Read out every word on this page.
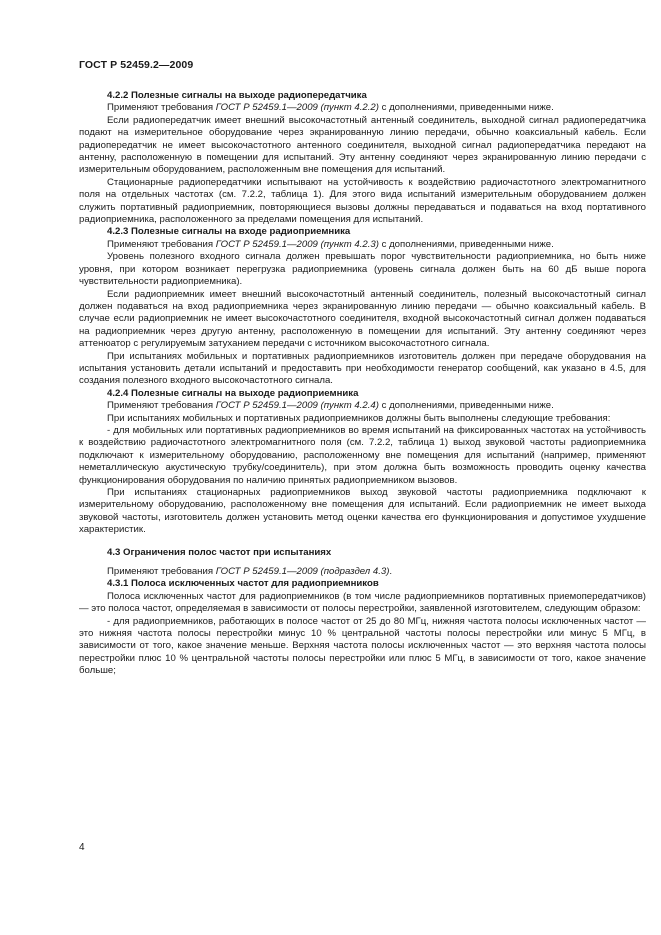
ГОСТ Р 52459.2—2009
4.2.2 Полезные сигналы на выходе радиопередатчика

Применяют требования ГОСТ Р 52459.1—2009 (пункт 4.2.2) с дополнениями, приведенными ниже.

Если радиопередатчик имеет внешний высокочастотный антенный соединитель, выходной сигнал радиопередатчика подают на измерительное оборудование через экранированную линию передачи, обычно коаксиальный кабель. Если радиопередатчик не имеет высокочастотного антенного соединителя, выходной сигнал радиопередатчика передают на антенну, расположенную в помещении для испытаний. Эту антенну соединяют через экранированную линию передачи с измерительным оборудованием, расположенным вне помещения для испытаний.

Стационарные радиопередатчики испытывают на устойчивость к воздействию радиочастотного электромагнитного поля на отдельных частотах (см. 7.2.2, таблица 1). Для этого вида испытаний измерительным оборудованием должен служить портативный радиоприемник, повторяющиеся вызовы должны передаваться и подаваться на вход портативного радиоприемника, расположенного за пределами помещения для испытаний.

4.2.3 Полезные сигналы на входе радиоприемника

Применяют требования ГОСТ Р 52459.1—2009 (пункт 4.2.3) с дополнениями, приведенными ниже.

Уровень полезного входного сигнала должен превышать порог чувствительности радиоприемника, но быть ниже уровня, при котором возникает перегрузка радиоприемника (уровень сигнала должен быть на 60 дБ выше порога чувствительности радиоприемника).

Если радиоприемник имеет внешний высокочастотный антенный соединитель, полезный высокочастотный сигнал должен подаваться на вход радиоприемника через экранированную линию передачи — обычно коаксиальный кабель. В случае если радиоприемник не имеет высокочастотного соединителя, входной высокочастотный сигнал должен подаваться на радиоприемник через другую антенну, расположенную в помещении для испытаний. Эту антенну соединяют через аттенюатор с регулируемым затуханием передачи с источником высокочастотного сигнала.

При испытаниях мобильных и портативных радиоприемников изготовитель должен при передаче оборудования на испытания установить детали испытаний и предоставить при необходимости генератор сообщений, как указано в 4.5, для создания полезного входного высокочастотного сигнала.

4.2.4 Полезные сигналы на выходе радиоприемника

Применяют требования ГОСТ Р 52459.1—2009 (пункт 4.2.4) с дополнениями, приведенными ниже.

При испытаниях мобильных и портативных радиоприемников должны быть выполнены следующие требования:

- для мобильных или портативных радиоприемников во время испытаний на фиксированных частотах на устойчивость к воздействию радиочастотного электромагнитного поля (см. 7.2.2, таблица 1) выход звуковой частоты радиоприемника подключают к измерительному оборудованию, расположенному вне помещения для испытаний (например, применяют неметаллическую акустическую трубку/соединитель), при этом должна быть возможность проводить оценку качества функционирования оборудования по наличию принятых радиоприемником вызовов.

При испытаниях стационарных радиоприемников выход звуковой частоты радиоприемника подключают к измерительному оборудованию, расположенному вне помещения для испытаний. Если радиоприемник не имеет выхода звуковой частоты, изготовитель должен установить метод оценки качества его функционирования и допустимое ухудшение характеристик.

4.3 Ограничения полос частот при испытаниях

Применяют требования ГОСТ Р 52459.1—2009 (подраздел 4.3).

4.3.1 Полоса исключенных частот для радиоприемников

Полоса исключенных частот для радиоприемников (в том числе радиоприемников портативных приемопередатчиков) — это полоса частот, определяемая в зависимости от полосы перестройки, заявленной изготовителем, следующим образом:

- для радиоприемников, работающих в полосе частот от 25 до 80 МГц, нижняя частота полосы исключенных частот — это нижняя частота полосы перестройки минус 10 % центральной частоты полосы перестройки или минус 5 МГц, в зависимости от того, какое значение меньше. Верхняя частота полосы исключенных частот — это верхняя частота полосы перестройки плюс 10 % центральной частоты полосы перестройки или плюс 5 МГц, в зависимости от того, какое значение больше;

4
